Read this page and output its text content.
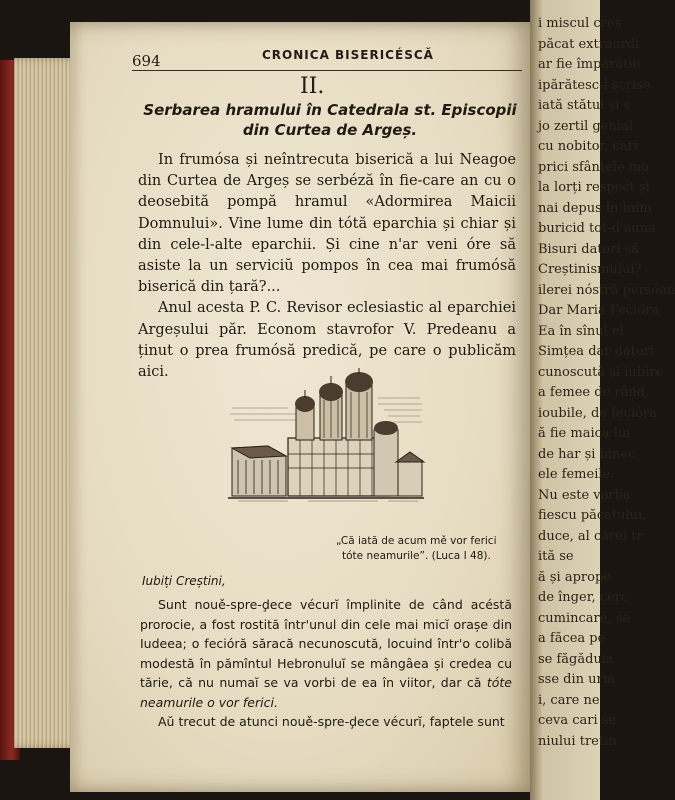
i miscul creș
păcat extraordi
ar fie împărăție
ipărătesc-î scrise
iată stătui și ș
jo zertil genial
cu nobitor, cari
prici sfântele mo
la lorți respect și
nai depus în inim
buricid tot-d'auna
Bisuri datori să
Creștinismului?
ilerei nóstră persoan
Dar Maria Fecióra
Ea în sînul el
Simțea dar datori
cunoscută și iubire
a femee de rând,
ioubile, de fecióra
ă fie maica lui
de har și binec
ele femeile.
Nu este vorba
fiescu păcatului,
duce, al cărei tr
ită se
ă și aprope
de înger, cerc
cumincare, sa
a făcea pe
se făgăduia
sse din urm
i, care ne
ceva cari se
niului tretin
694	CRONICA BISERICÉSCĂ
II.
Serbarea hramului în Catedrala st. Episcopii din Curtea de Argeș.

In frumósa și neîntrecuta biserică a lui Neagoe din Curtea de Argeș se serbéză în fie-care an cu o deosebită pompă hramul «Adormirea Maicii Domnului». Vine lume din tótă eparchia și chiar și din cele-l-alte eparchii. Și cine n'ar veni óre să asiste la un serviciŭ pompos în cea mai frumósă biserică din țară?...

Anul acesta P. C. Revisor eclesiastic al eparchiei Argeșului păr. Econom stavrofor V. Predeanu a ținut o prea frumósă predică, pe care o publicăm aici.

„Că iată de acum mě vor ferici
tóte neamurile”. (Luca I 48).
Iubiți Creștini,

Sunt nouě-spre-ḑece vécurĭ împlinite de când acéstă prorocie, a fost rostită într'unul din cele mai micĭ orașe din Iudeea; o fecióră săracă necunoscută, locuind într'o colibă modestă în pămîntul Hebronuluĭ se mângâea și credea cu tărie, că nu numaĭ se va vorbi de ea în viitor, dar că tóte neamurile o vor ferici.

Aŭ trecut de atunci nouě-spre-ḑece vécurĭ, faptele sunt
